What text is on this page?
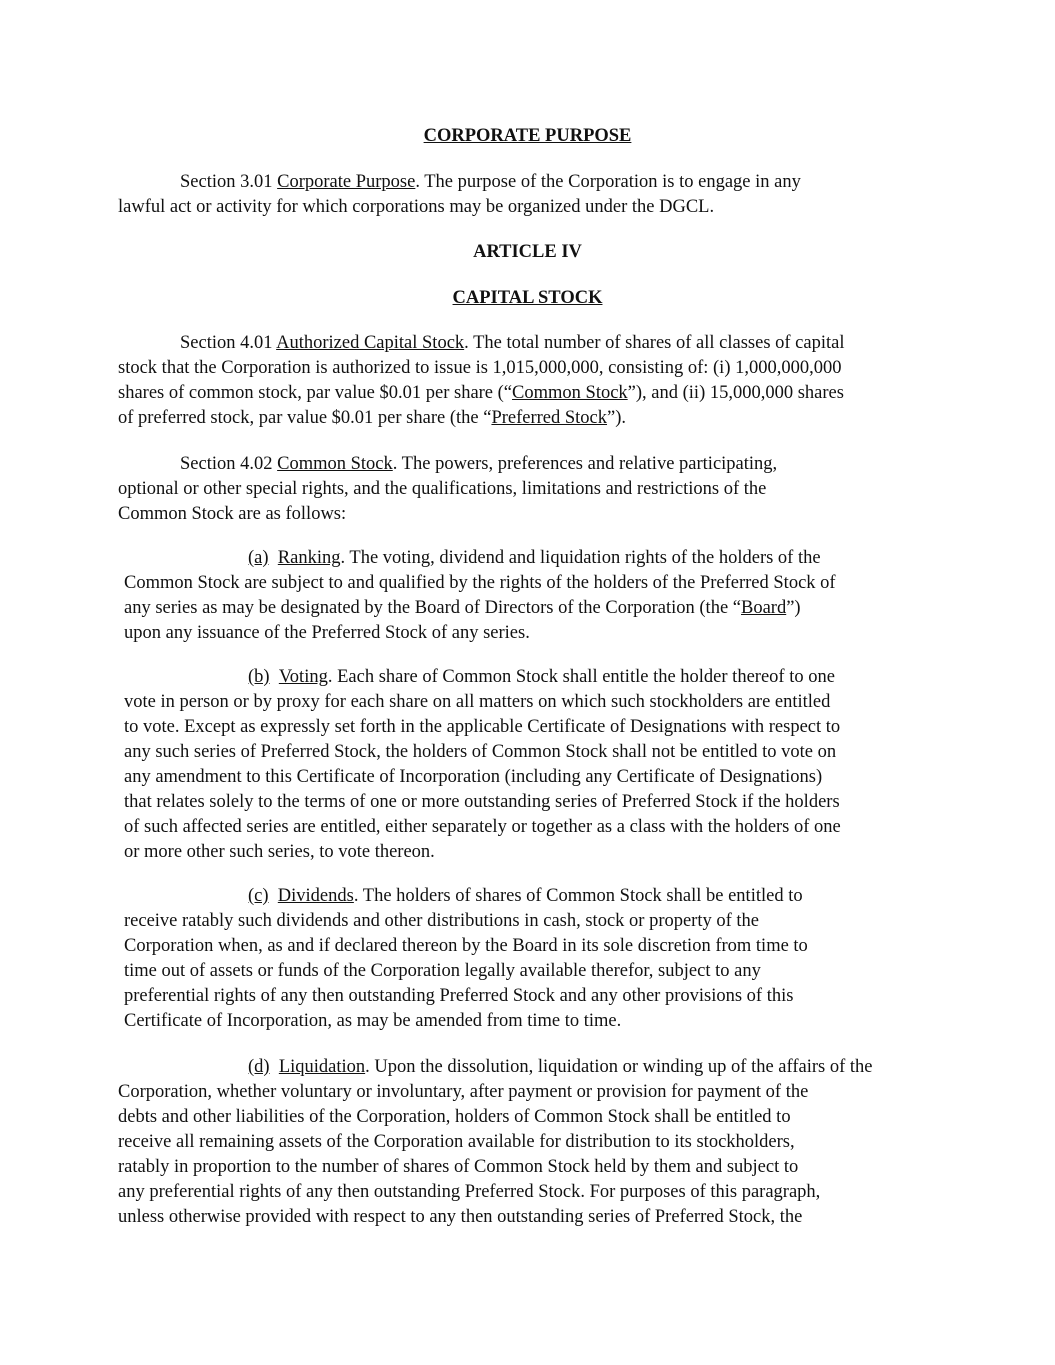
CORPORATE PURPOSE
Section 3.01 Corporate Purpose. The purpose of the Corporation is to engage in any
lawful act or activity for which corporations may be organized under the DGCL.
ARTICLE IV
CAPITAL STOCK
Section 4.01 Authorized Capital Stock. The total number of shares of all classes of capital
stock that the Corporation is authorized to issue is 1,015,000,000, consisting of: (i) 1,000,000,000
shares of common stock, par value $0.01 per share (“Common Stock”), and (ii) 15,000,000 shares
of preferred stock, par value $0.01 per share (the “Preferred Stock”).
Section 4.02 Common Stock. The powers, preferences and relative participating,
optional or other special rights, and the qualifications, limitations and restrictions of the
Common Stock are as follows:
(a) Ranking. The voting, dividend and liquidation rights of the holders of the
Common Stock are subject to and qualified by the rights of the holders of the Preferred Stock of
any series as may be designated by the Board of Directors of the Corporation (the “Board”)
upon any issuance of the Preferred Stock of any series.
(b) Voting. Each share of Common Stock shall entitle the holder thereof to one
vote in person or by proxy for each share on all matters on which such stockholders are entitled
to vote. Except as expressly set forth in the applicable Certificate of Designations with respect to
any such series of Preferred Stock, the holders of Common Stock shall not be entitled to vote on
any amendment to this Certificate of Incorporation (including any Certificate of Designations)
that relates solely to the terms of one or more outstanding series of Preferred Stock if the holders
of such affected series are entitled, either separately or together as a class with the holders of one
or more other such series, to vote thereon.
(c) Dividends. The holders of shares of Common Stock shall be entitled to
receive ratably such dividends and other distributions in cash, stock or property of the
Corporation when, as and if declared thereon by the Board in its sole discretion from time to
time out of assets or funds of the Corporation legally available therefor, subject to any
preferential rights of any then outstanding Preferred Stock and any other provisions of this
Certificate of Incorporation, as may be amended from time to time.
(d) Liquidation. Upon the dissolution, liquidation or winding up of the affairs of the
Corporation, whether voluntary or involuntary, after payment or provision for payment of the
debts and other liabilities of the Corporation, holders of Common Stock shall be entitled to
receive all remaining assets of the Corporation available for distribution to its stockholders,
ratably in proportion to the number of shares of Common Stock held by them and subject to
any preferential rights of any then outstanding Preferred Stock. For purposes of this paragraph,
unless otherwise provided with respect to any then outstanding series of Preferred Stock, the
